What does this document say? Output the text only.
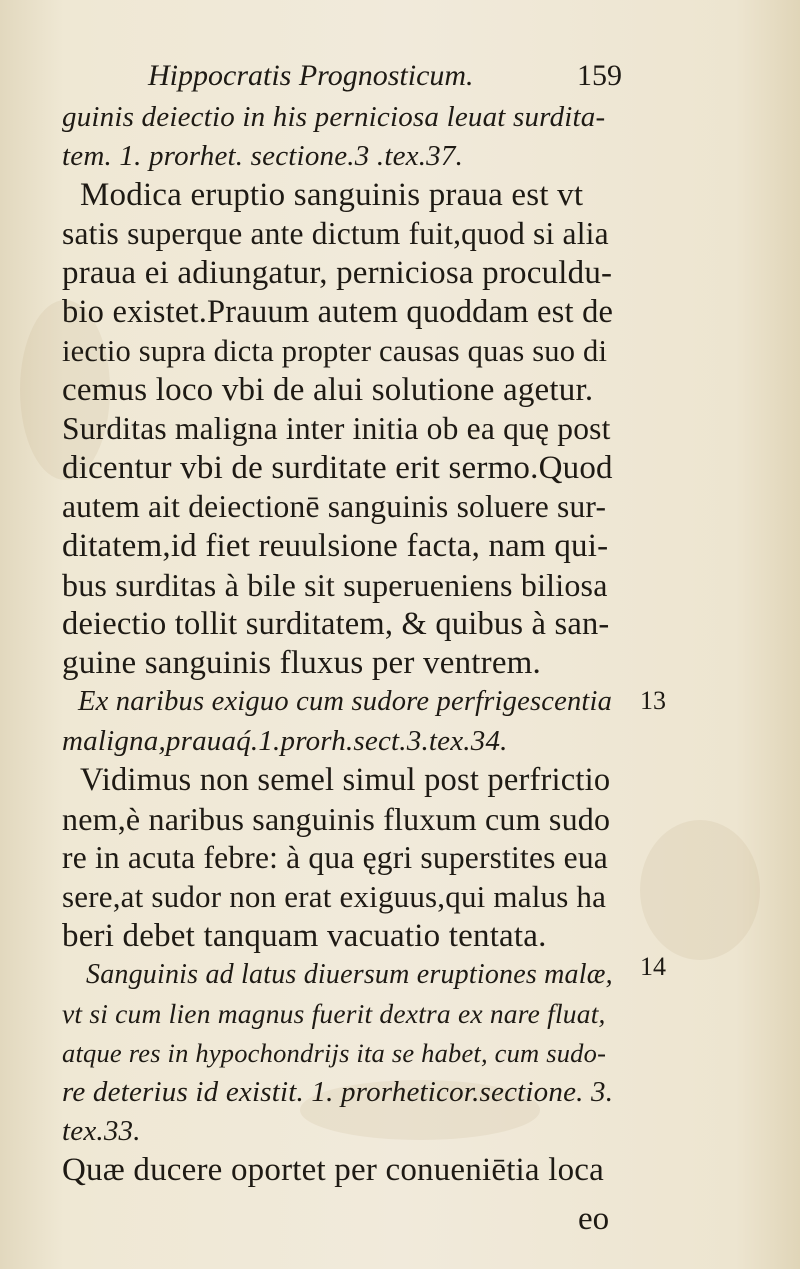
Hippocratis Prognosticum.	159
guinis deiectio in his perniciosa leuat surdita-
tem. 1. prorhet. sectione.3 .tex.37.
Modica eruptio sanguinis praua est vt
satis superque ante dictum fuit,quod si alia
praua ei adiungatur, perniciosa proculdu-
bio existet.Prauum autem quoddam est de
iectio supra dicta propter causas quas suo di
cemus loco vbi de alui solutione agetur.
Surditas maligna inter initia ob ea quę post
dicentur vbi de surditate erit sermo.Quod
autem ait deiectionē sanguinis soluere sur-
ditatem,id fiet reuulsione facta, nam qui-
bus surditas à bile sit superueniens biliosa
deiectio tollit surditatem, & quibus à san-
guine sanguinis fluxus per ventrem.
Ex naribus exiguo cum sudore perfrigescentia
maligna,prauaq́.1.prorh.sect.3.tex.34.
Vidimus non semel simul post perfrictio
nem,è naribus sanguinis fluxum cum sudo
re in acuta febre: à qua ęgri superstites eua
sere,at sudor non erat exiguus,qui malus ha
beri debet tanquam vacuatio tentata.
Sanguinis ad latus diuersum eruptiones malæ,
vt si cum lien magnus fuerit dextra ex nare fluat,
atque res in hypochondrijs ita se habet, cum sudo-
re deterius id existit. 1. prorheticor.sectione. 3.
tex.33.
Quæ ducere oportet per conueniētia loca
eo
13
14
